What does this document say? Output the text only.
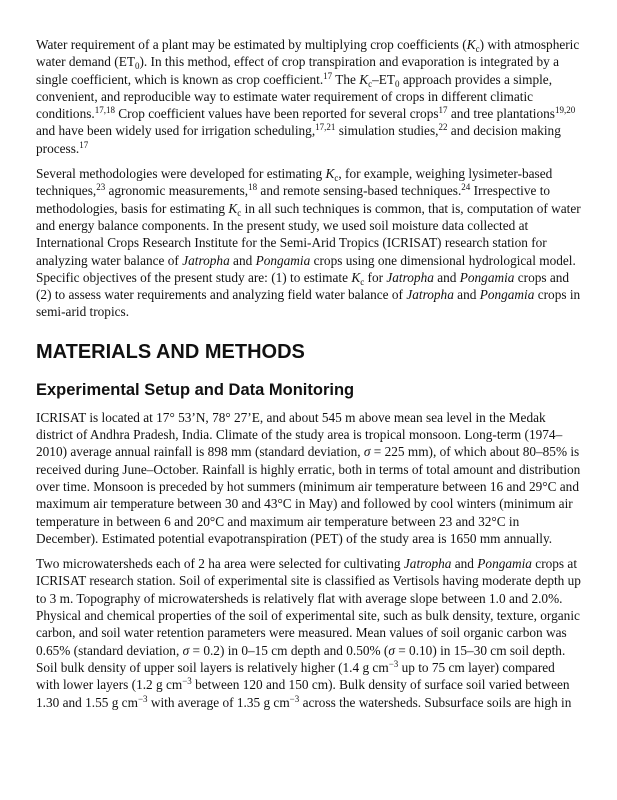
Water requirement of a plant may be estimated by multiplying crop coefficients $(K_c)$ with atmospheric water demand $(ET_0)$. In this method, effect of crop transpiration and evaporation is integrated by a single coefficient, which is known as crop coefficient.$^{17}$ The $K_c-ET_0$ approach provides a simple, convenient, and reproducible way to estimate water requirement of crops in different climatic conditions.$^{17,18}$ Crop coefficient values have been reported for several crops$^{17}$ and tree plantations$^{19,20}$ and have been widely used for irrigation scheduling,$^{17,21}$ simulation studies,$^{22}$ and decision making process.$^{17}$

Several methodologies were developed for estimating $K_c$, for example, weighing lysimeter-based techniques,$^{23}$ agronomic measurements,$^{18}$ and remote sensing-based techniques.$^{24}$ Irrespective to methodologies, basis for estimating $K_c$ in all such techniques is common, that is, computation of water and energy balance components. In the present study, we used soil moisture data collected at International Crops Research Institute for the Semi-Arid Tropics (ICRISAT) research station for analyzing water balance of Jatropha and Pongamia crops using one dimensional hydrological model. Specific objectives of the present study are: (1) to estimate $K_c$ for Jatropha and Pongamia crops and (2) to assess water requirements and analyzing field water balance of Jatropha and Pongamia crops in semi-arid tropics.

MATERIALS AND METHODS
Experimental Setup and Data Monitoring

ICRISAT is located at 17° 53’N, 78° 27’E, and about 545 m above mean sea level in the Medak district of Andhra Pradesh, India. Climate of the study area is tropical monsoon. Long-term (1974–2010) average annual rainfall is 898 mm (standard deviation, σ = 225 mm), of which about 80–85% is received during June–October. Rainfall is highly erratic, both in terms of total amount and distribution over time. Monsoon is preceded by hot summers (minimum air temperature between 16 and 29°C and maximum air temperature between 30 and 43°C in May) and followed by cool winters (minimum air temperature in between 6 and 20°C and maximum air temperature between 23 and 32°C in December). Estimated potential evapotranspiration (PET) of the study area is 1650 mm annually.

Two microwatersheds each of 2 ha area were selected for cultivating Jatropha and Pongamia crops at ICRISAT research station. Soil of experimental site is classified as Vertisols having moderate depth up to 3 m. Topography of microwatersheds is relatively flat with average slope between 1.0 and 2.0%. Physical and chemical properties of the soil of experimental site, such as bulk density, texture, organic carbon, and soil water retention parameters were measured. Mean values of soil organic carbon was 0.65% (standard deviation, σ = 0.2) in 0–15 cm depth and 0.50% (σ = 0.10) in 15–30 cm soil depth. Soil bulk density of upper soil layers is relatively higher (1.4 g $cm^{-3}$ up to 75 cm layer) compared with lower layers (1.2 g $cm^{-3}$ between 120 and 150 cm). Bulk density of surface soil varied between 1.30 and 1.55 g $cm^{-3}$ with average of 1.35 g $cm^{-3}$ across the watersheds. Subsurface soils are high in
